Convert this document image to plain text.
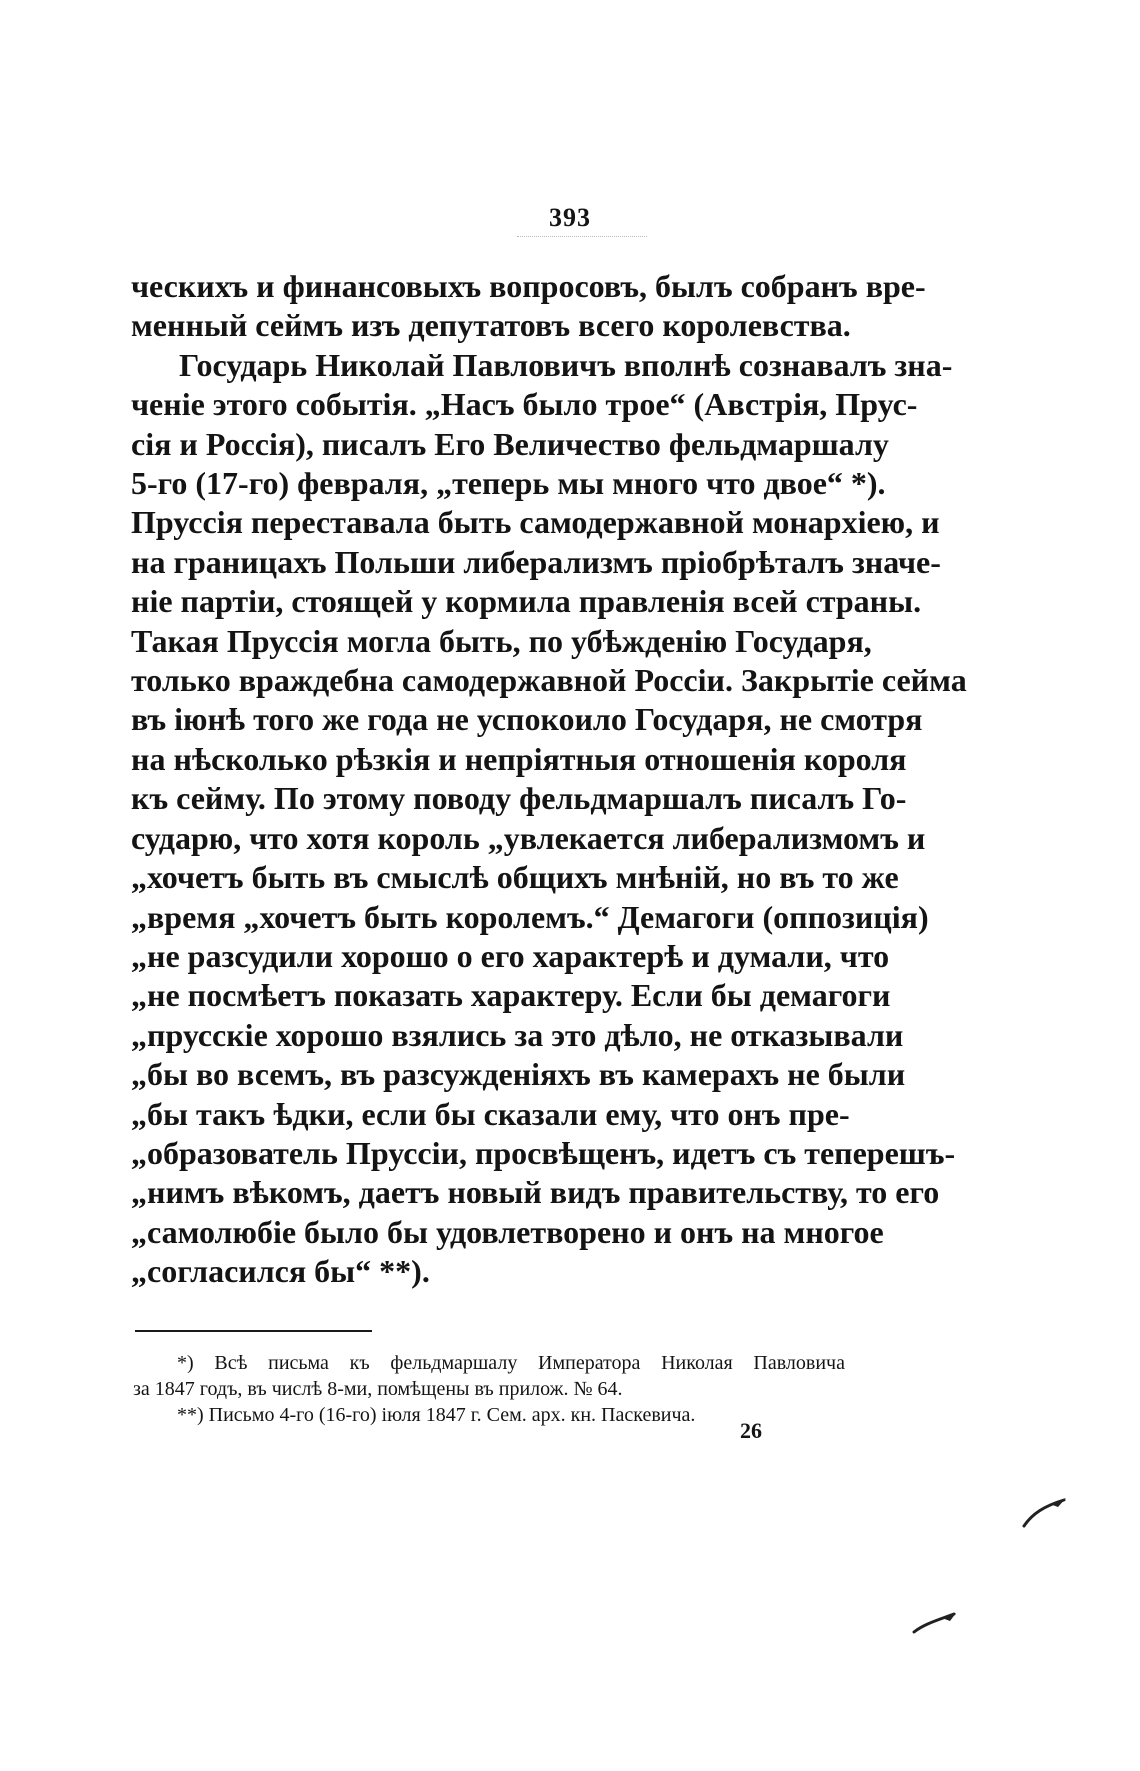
393
ческихъ и финансовыхъ вопросовъ, былъ собранъ вре-
менный сеймъ изъ депутатовъ всего королевства.
Государь Николай Павловичъ вполнѣ сознавалъ зна-
ченіе этого событія. „Насъ было трое“ (Австрія, Прус-
сія и Россія), писалъ Его Величество фельдмаршалу
5-го (17-го) февраля, „теперь мы много что двое“ *).
Пруссія переставала быть самодержавной монархіею, и
на границахъ Польши либерализмъ пріобрѣталъ значе-
ніе партіи, стоящей у кормила правленія всей страны.
Такая Пруссія могла быть, по убѣжденію Государя,
только враждебна самодержавной Россіи. Закрытіе сейма
въ іюнѣ того же года не успокоило Государя, не смотря
на нѣсколько рѣзкія и непріятныя отношенія короля
къ сейму. По этому поводу фельдмаршалъ писалъ Го-
сударю, что хотя король „увлекается либерализмомъ и
„хочетъ быть въ смыслѣ общихъ мнѣній, но въ то же
„время „хочетъ быть королемъ.“ Демагоги (оппозиція)
„не разсудили хорошо о его характерѣ и думали, что
„не посмѣетъ показать характеру. Если бы демагоги
„прусскіе хорошо взялись за это дѣло, не отказывали
„бы во всемъ, въ разсужденіяхъ въ камерахъ не были
„бы такъ ѣдки, если бы сказали ему, что онъ пре-
„образователь Пруссіи, просвѣщенъ, идетъ съ теперешъ-
„нимъ вѣкомъ, даетъ новый видъ правительству, то его
„самолюбіе было бы удовлетворено и онъ на многое
„согласился бы“ **).
*) Всѣ письма къ фельдмаршалу Императора Николая Павловича
за 1847 годъ, въ числѣ 8-ми, помѣщены въ прилож. № 64.
**) Письмо 4-го (16-го) іюля 1847 г. Сем. арх. кн. Паскевича.
26
